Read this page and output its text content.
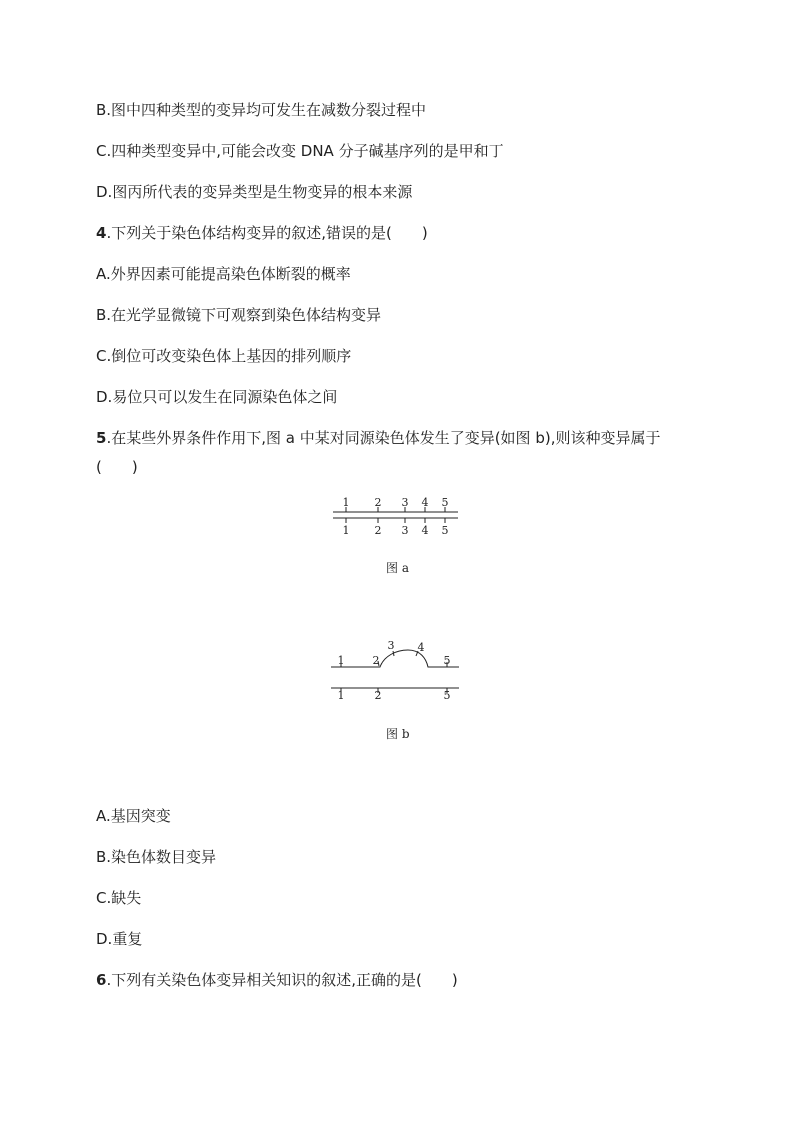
B.图中四种类型的变异均可发生在减数分裂过程中
C.四种类型变异中,可能会改变 DNA 分子碱基序列的是甲和丁
D.图丙所代表的变异类型是生物变异的根本来源
4.下列关于染色体结构变异的叙述,错误的是(　　)
A.外界因素可能提高染色体断裂的概率
B.在光学显微镜下可观察到染色体结构变异
C.倒位可改变染色体上基因的排列顺序
D.易位只可以发生在同源染色体之间
5.在某些外界条件作用下,图 a 中某对同源染色体发生了变异(如图 b),则该种变异属于
(　　)
1 2 3 4 5
1 2 3 4 5
图 a
1	2
3 4
5
1	2	5
图 b
A.基因突变
B.染色体数目变异
C.缺失
D.重复
6.下列有关染色体变异相关知识的叙述,正确的是(　　)
